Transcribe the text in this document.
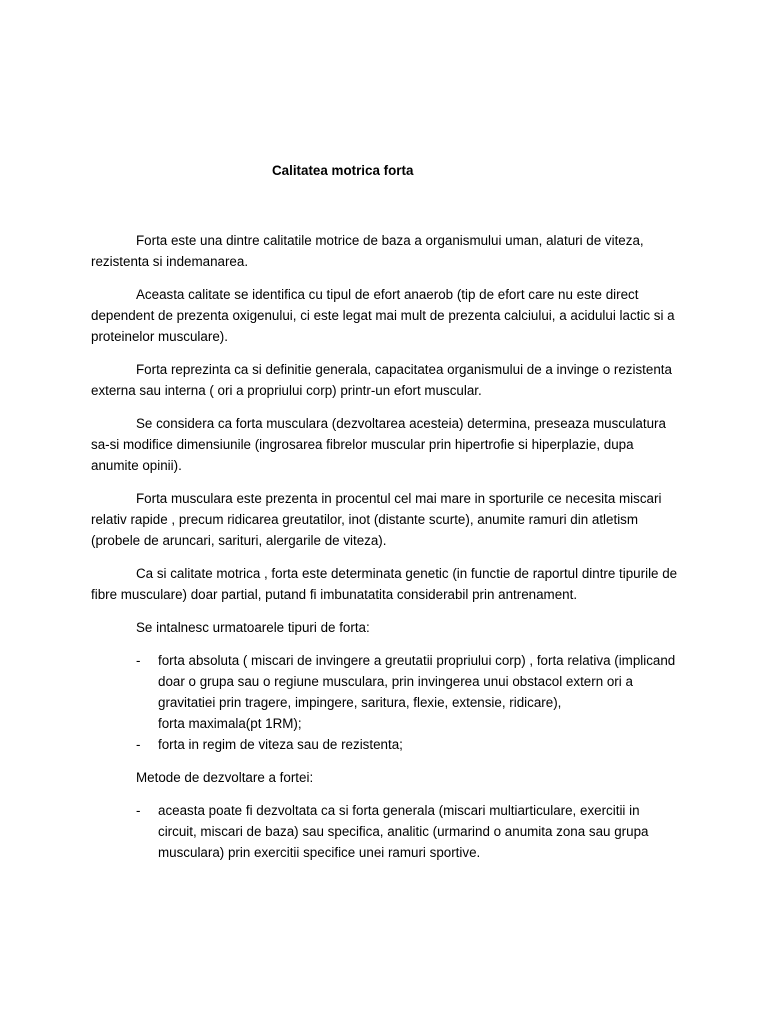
Calitatea motrica forta

Forta este una dintre calitatile motrice de baza a organismului uman, alaturi de viteza, rezistenta si indemanarea.

Aceasta calitate se identifica cu tipul de efort anaerob (tip de efort care nu este direct dependent de prezenta oxigenului, ci este legat mai mult de prezenta calciului, a acidului lactic si a proteinelor musculare).

Forta reprezinta ca si definitie generala, capacitatea organismului de a invinge o rezistenta externa sau interna ( ori a propriului corp) printr-un efort muscular.

Se considera ca forta musculara (dezvoltarea acesteia) determina, preseaza musculatura sa-si modifice dimensiunile (ingrosarea fibrelor muscular prin hipertrofie si hiperplazie, dupa anumite opinii).

Forta musculara este prezenta in procentul cel mai mare in sporturile ce necesita miscari relativ rapide , precum ridicarea greutatilor, inot (distante scurte), anumite ramuri din atletism (probele de aruncari, sarituri, alergarile de viteza).

Ca si calitate motrica , forta este determinata genetic (in functie de raportul dintre tipurile de fibre musculare) doar partial, putand fi imbunatatita considerabil prin antrenament.

Se intalnesc urmatoarele tipuri de forta:

- forta absoluta ( miscari de invingere a greutatii propriului corp) , forta relativa (implicand doar o grupa sau o regiune musculara, prin invingerea unui obstacol extern ori a gravitatiei prin tragere, impingere, saritura, flexie, extensie, ridicare),
forta maximala(pt 1RM);
- forta in regim de viteza sau de rezistenta;

Metode de dezvoltare a fortei:

- aceasta poate fi dezvoltata ca si forta generala (miscari multiarticulare, exercitii in circuit, miscari de baza) sau specifica, analitic (urmarind o anumita zona sau grupa musculara) prin exercitii specifice unei ramuri sportive.
